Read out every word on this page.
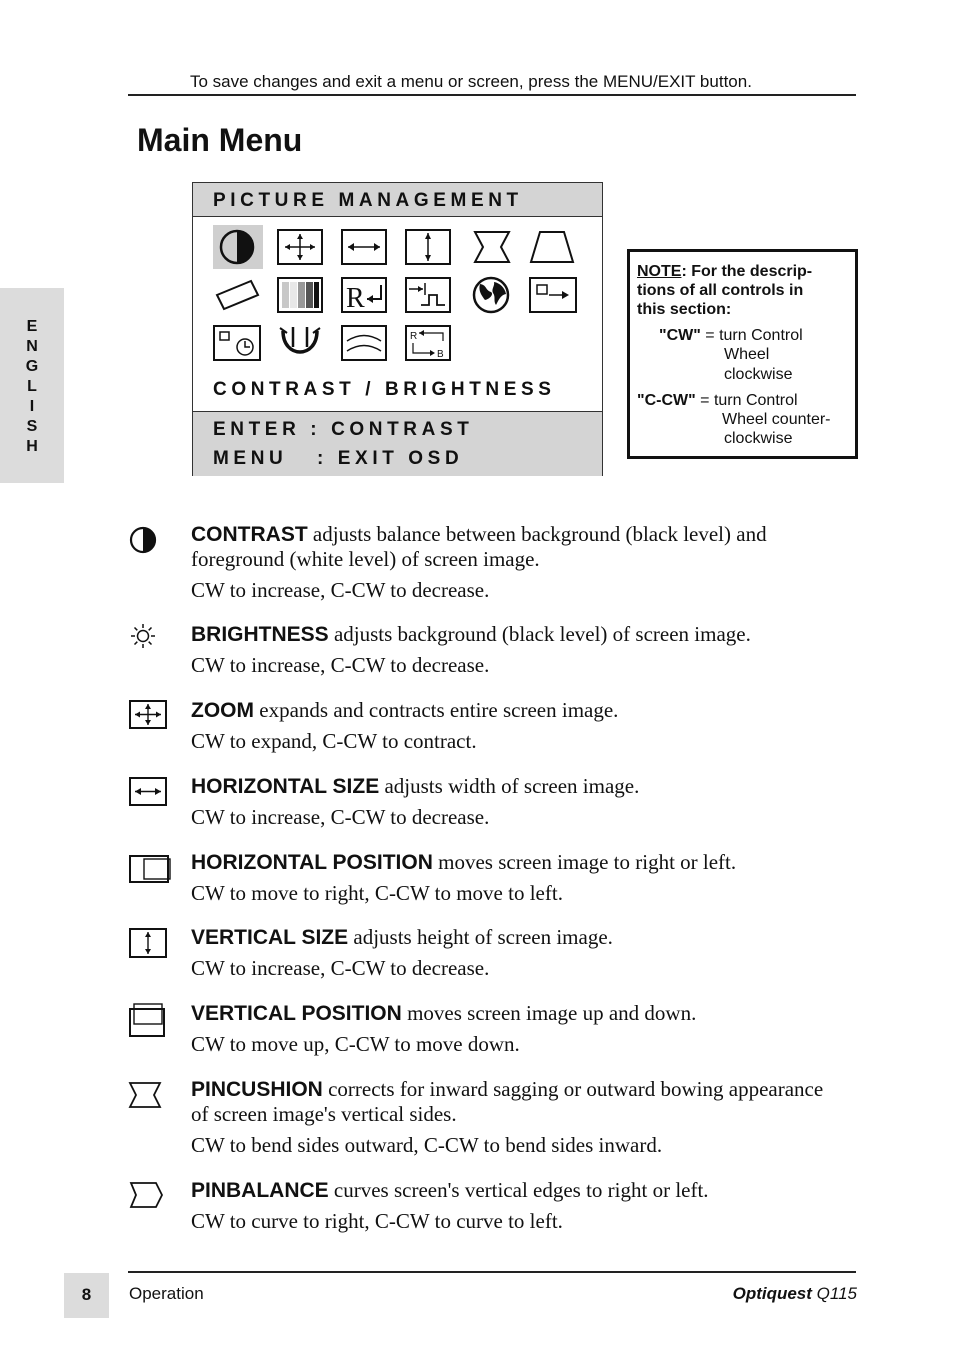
To save changes and exit a menu or screen, press the MENU/EXIT button.
Main Menu
E
N
G
L
I
S
H
PICTURE MANAGEMENT
R
R
B
CONTRAST / BRIGHTNESS
ENTER : CONTRAST
MENU   : EXIT OSD
NOTE: For the descrip-
tions of all controls in
this section:
"CW" = turn Control
Wheel
clockwise
"C-CW" = turn Control
Wheel counter-
clockwise
CONTRAST adjusts balance between background (black level) and foreground (white level) of screen image.
CW to increase, C-CW to decrease.
BRIGHTNESS adjusts background (black level) of screen image.
CW to increase, C-CW to decrease.
ZOOM expands and contracts entire screen image.
CW to expand, C-CW to contract.
HORIZONTAL SIZE adjusts width of screen image.
CW to increase, C-CW to decrease.
HORIZONTAL POSITION moves screen image to right or left.
CW to move to right, C-CW to move to left.
VERTICAL SIZE adjusts height of screen image.
CW to increase, C-CW to decrease.
VERTICAL POSITION moves screen image up and down.
CW to move up, C-CW to move down.
PINCUSHION corrects for inward sagging or outward bowing appearance of screen image's vertical sides.
CW to bend sides outward, C-CW to bend sides inward.
PINBALANCE curves screen's vertical edges to right or left.
CW to curve to right, C-CW to curve to left.
8	Operation	Optiquest Q115
